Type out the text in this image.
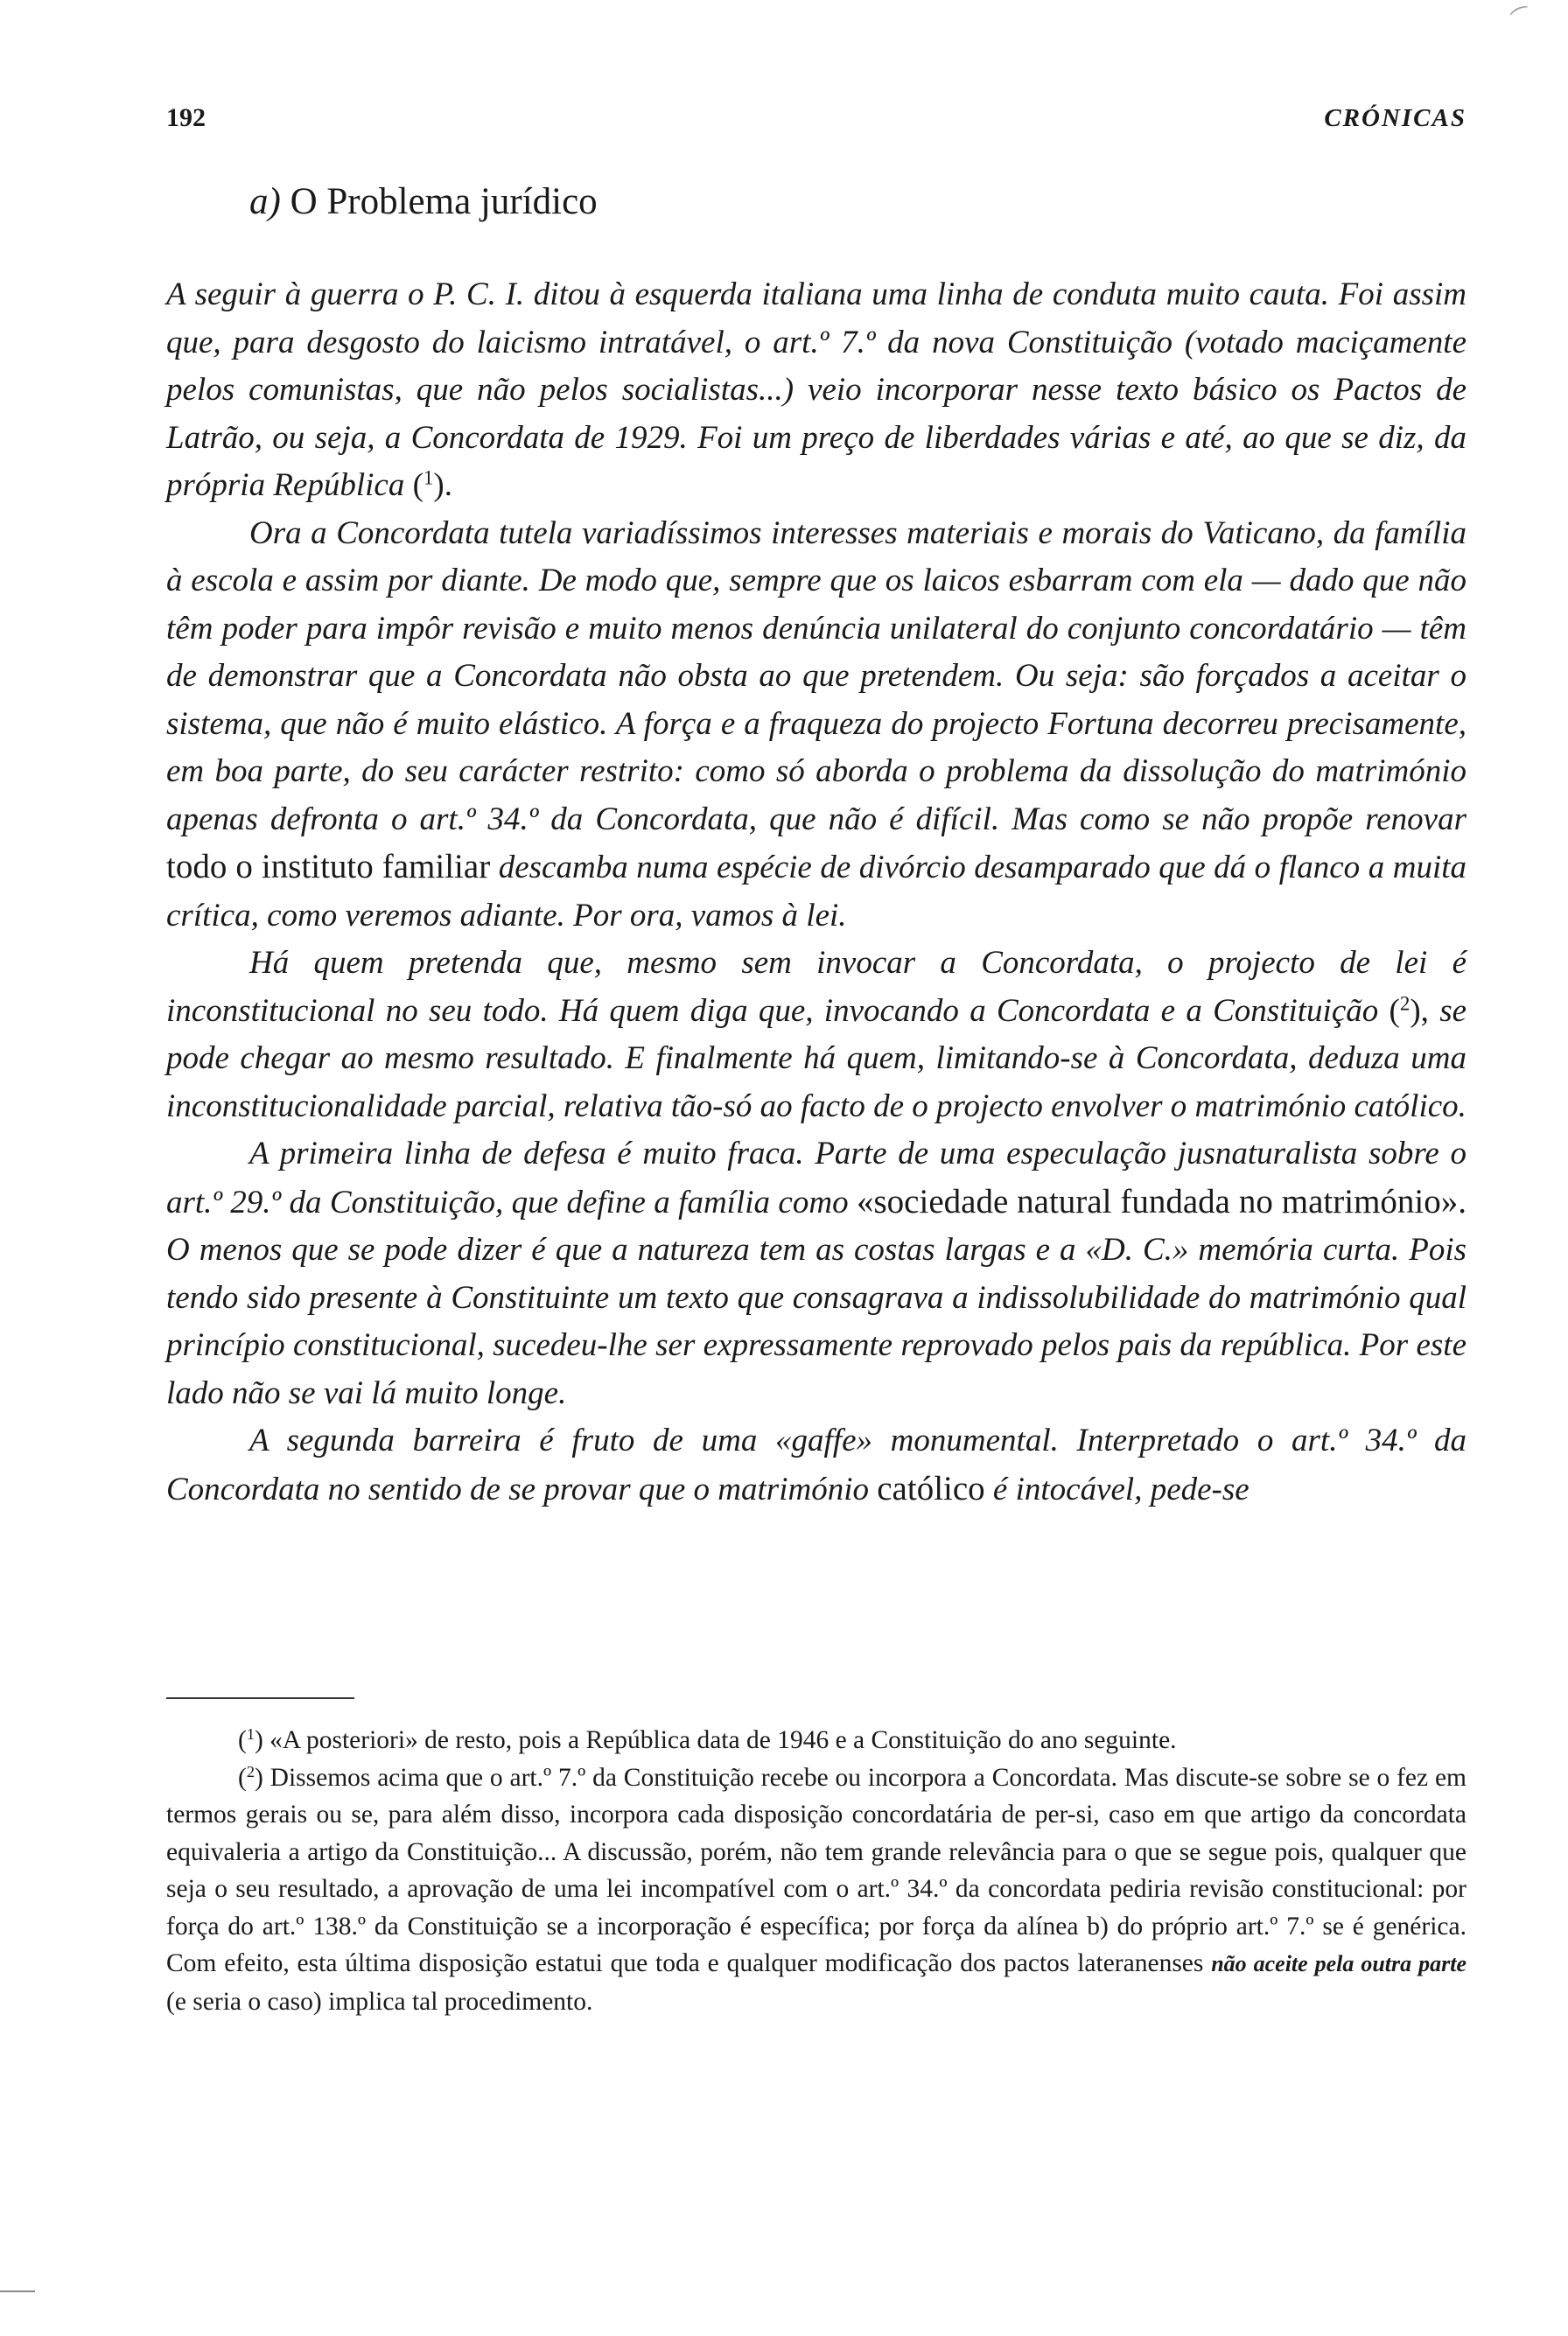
⁀
192	CRÓNICAS
a) O Problema jurídico

A seguir à guerra o P. C. I. ditou à esquerda italiana uma linha de conduta muito cauta. Foi assim que, para desgosto do laicismo intratável, o art.º 7.º da nova Constituição (votado maciçamente pelos comunistas, que não pelos socialistas...) veio incorporar nesse texto básico os Pactos de Latrão, ou seja, a Concordata de 1929. Foi um preço de liberdades várias e até, ao que se diz, da própria República ($^1$).

Ora a Concordata tutela variadíssimos interesses materiais e morais do Vaticano, da família à escola e assim por diante. De modo que, sempre que os laicos esbarram com ela — dado que não têm poder para impôr revisão e muito menos denúncia unilateral do conjunto concordatário — têm de demonstrar que a Concordata não obsta ao que pretendem. Ou seja: são forçados a aceitar o sistema, que não é muito elástico. A força e a fraqueza do projecto Fortuna decorreu precisamente, em boa parte, do seu carácter restrito: como só aborda o problema da dissolução do matrimónio apenas defronta o art.º 34.º da Concordata, que não é difícil. Mas como se não propõe renovar todo o instituto familiar descamba numa espécie de divórcio desamparado que dá o flanco a muita crítica, como veremos adiante. Por ora, vamos à lei.

Há quem pretenda que, mesmo sem invocar a Concordata, o projecto de lei é inconstitucional no seu todo. Há quem diga que, invocando a Concordata e a Constituição ($^2$), se pode chegar ao mesmo resultado. E finalmente há quem, limitando-se à Concordata, deduza uma inconstitucionalidade parcial, relativa tão-só ao facto de o projecto envolver o matrimónio católico.

A primeira linha de defesa é muito fraca. Parte de uma especulação jusnaturalista sobre o art.º 29.º da Constituição, que define a família como «sociedade natural fundada no matrimónio». O menos que se pode dizer é que a natureza tem as costas largas e a «D. C.» memória curta. Pois tendo sido presente à Constituinte um texto que consagrava a indissolubilidade do matrimónio qual princípio constitucional, sucedeu-lhe ser expressamente reprovado pelos pais da república. Por este lado não se vai lá muito longe.

A segunda barreira é fruto de uma «gaffe» monumental. Interpretado o art.º 34.º da Concordata no sentido de se provar que o matrimónio católico é intocável, pede-se

($^1$) «A posteriori» de resto, pois a República data de 1946 e a Constituição do ano seguinte.

($^2$) Dissemos acima que o art.º 7.º da Constituição recebe ou incorpora a Concordata. Mas discute-se sobre se o fez em termos gerais ou se, para além disso, incorpora cada disposição concordatária de per-si, caso em que artigo da concordata equivaleria a artigo da Constituição... A discussão, porém, não tem grande relevância para o que se segue pois, qualquer que seja o seu resultado, a aprovação de uma lei incompatível com o art.º 34.º da concordata pediria revisão constitucional: por força do art.º 138.º da Constituição se a incorporação é específica; por força da alínea b) do próprio art.º 7.º se é genérica. Com efeito, esta última disposição estatui que toda e qualquer modificação dos pactos lateranenses não aceite pela outra parte (e seria o caso) implica tal procedimento.
